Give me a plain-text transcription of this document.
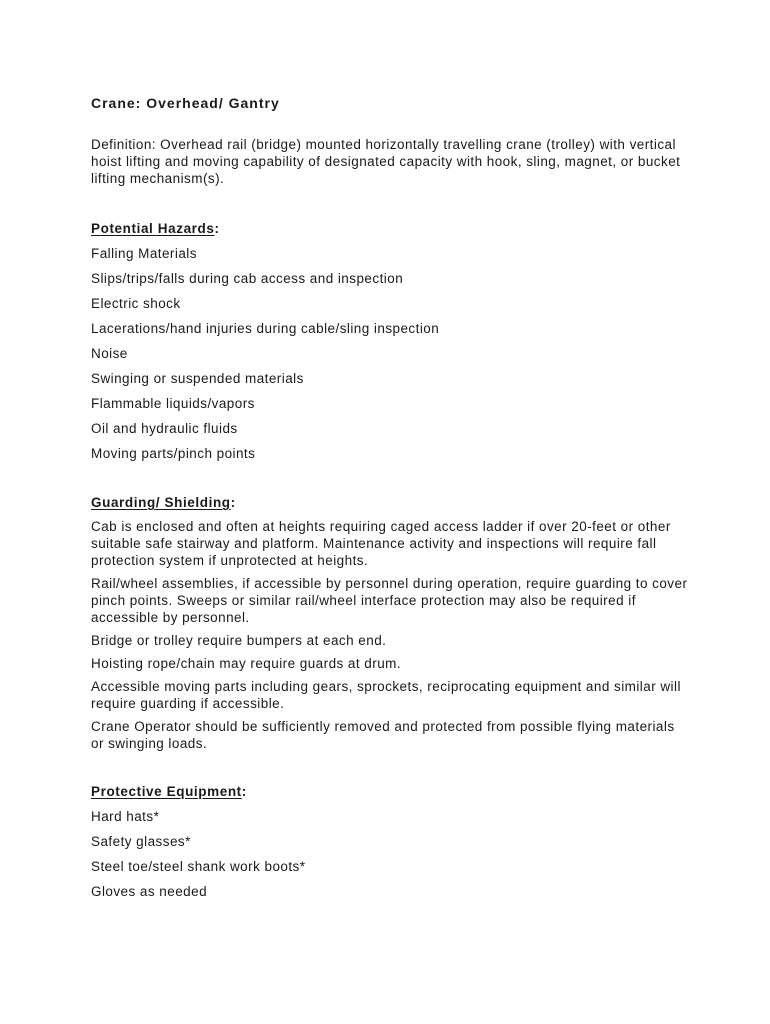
Crane: Overhead/ Gantry
Definition: Overhead rail (bridge) mounted horizontally travelling crane (trolley) with vertical hoist lifting and moving capability of designated capacity with hook, sling, magnet, or bucket lifting mechanism(s).
Potential Hazards:
Falling Materials
Slips/trips/falls during cab access and inspection
Electric shock
Lacerations/hand injuries during cable/sling inspection
Noise
Swinging or suspended materials
Flammable liquids/vapors
Oil and hydraulic fluids
Moving parts/pinch points
Guarding/ Shielding:
Cab is enclosed and often at heights requiring caged access ladder if over 20-feet or other suitable safe stairway and platform. Maintenance activity and inspections will require fall protection system if unprotected at heights.
Rail/wheel assemblies, if accessible by personnel during operation, require guarding to cover pinch points. Sweeps or similar rail/wheel interface protection may also be required if accessible by personnel.
Bridge or trolley require bumpers at each end.
Hoisting rope/chain may require guards at drum.
Accessible moving parts including gears, sprockets, reciprocating equipment and similar will require guarding if accessible.
Crane Operator should be sufficiently removed and protected from possible flying materials or swinging loads.
Protective Equipment:
Hard hats*
Safety glasses*
Steel toe/steel shank work boots*
Gloves as needed
